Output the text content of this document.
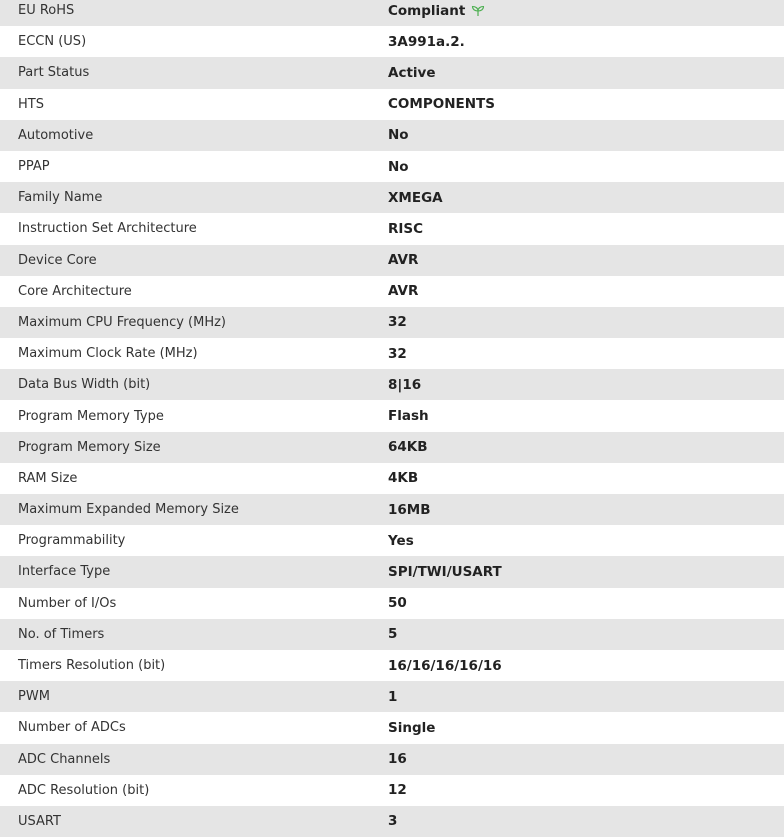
EU RoHS	Compliant
ECCN (US)	3A991a.2.
Part Status	Active
HTS	COMPONENTS
Automotive	No
PPAP	No
Family Name	XMEGA
Instruction Set Architecture	RISC
Device Core	AVR
Core Architecture	AVR
Maximum CPU Frequency (MHz)	32
Maximum Clock Rate (MHz)	32
Data Bus Width (bit)	8|16
Program Memory Type	Flash
Program Memory Size	64KB
RAM Size	4KB
Maximum Expanded Memory Size	16MB
Programmability	Yes
Interface Type	SPI/TWI/USART
Number of I/Os	50
No. of Timers	5
Timers Resolution (bit)	16/16/16/16/16
PWM	1
Number of ADCs	Single
ADC Channels	16
ADC Resolution (bit)	12
USART	3
